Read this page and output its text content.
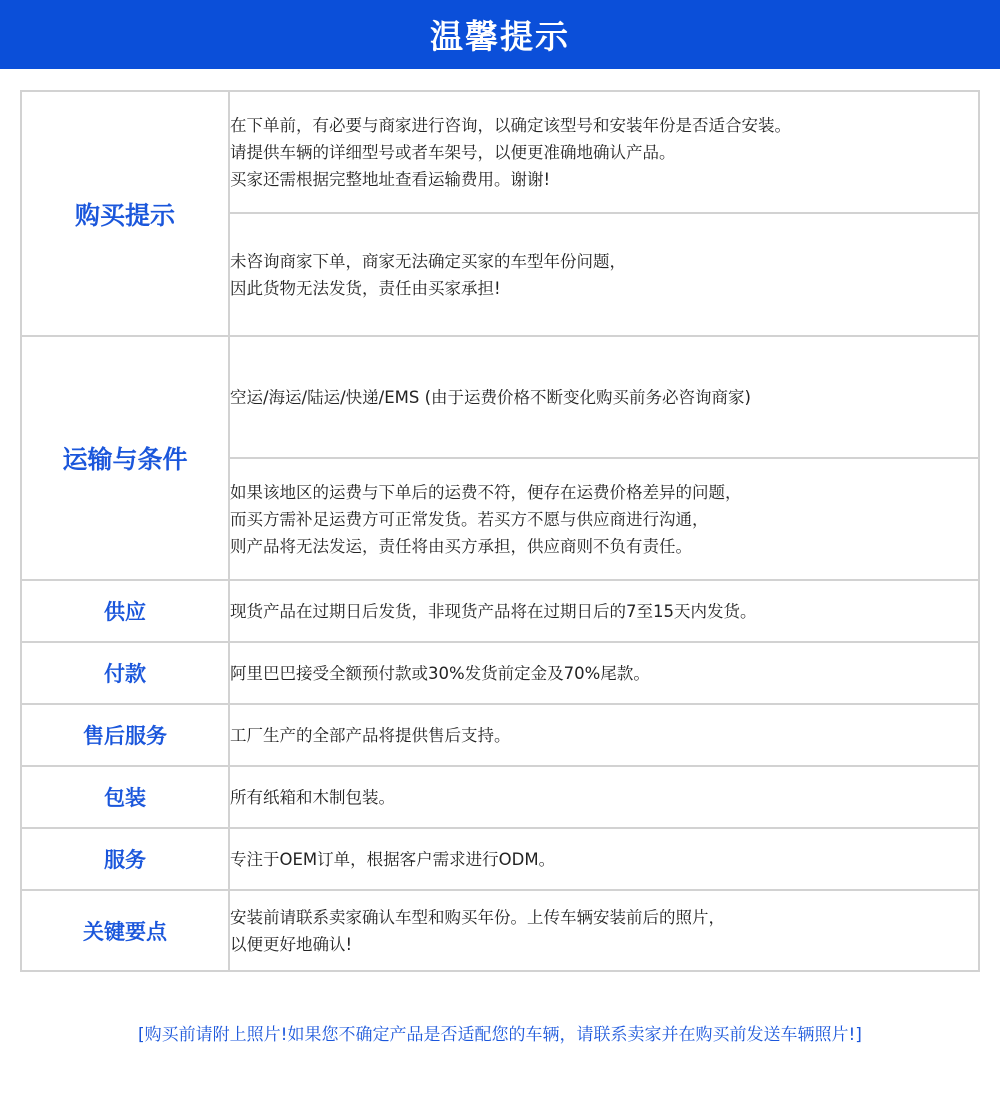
温馨提示
购买提示	在下单前，有必要与商家进行咨询，以确定该型号和安装年份是否适合安装。
请提供车辆的详细型号或者车架号，以便更准确地确认产品。
买家还需根据完整地址查看运输费用。谢谢!

	未咨询商家下单，商家无法确定买家的车型年份问题，
因此货物无法发货，责任由买家承担!

运输与条件	空运/海运/陆运/快递/EMS (由于运费价格不断变化购买前务必咨询商家)

	如果该地区的运费与下单后的运费不符，便存在运费价格差异的问题，
而买方需补足运费方可正常发货。若买方不愿与供应商进行沟通，
则产品将无法发运，责任将由买方承担，供应商则不负有责任。

供应	现货产品在过期日后发货，非现货产品将在过期日后的7至15天内发货。

付款	阿里巴巴接受全额预付款或30%发货前定金及70%尾款。

售后服务	工厂生产的全部产品将提供售后支持。

包装	所有纸箱和木制包装。

服务	专注于OEM订单，根据客户需求进行ODM。

关键要点	安装前请联系卖家确认车型和购买年份。上传车辆安装前后的照片，
以便更好地确认!
[购买前请附上照片!如果您不确定产品是否适配您的车辆，请联系卖家并在购买前发送车辆照片!]
